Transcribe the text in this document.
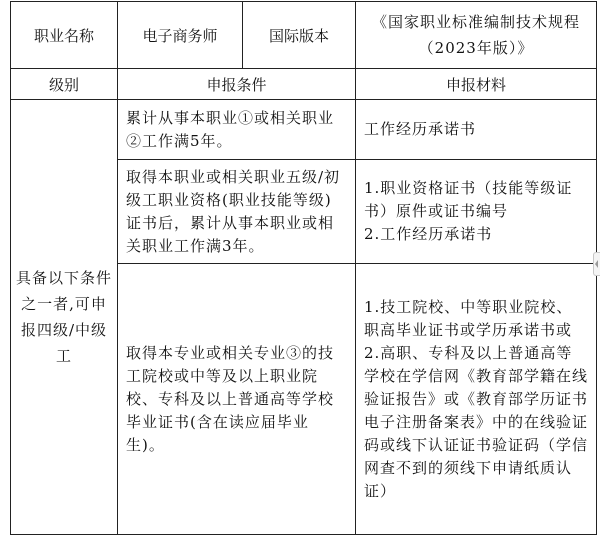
职业名称	电子商务师	国际版本	《国家职业标准编制技术规程（2023年版）》

级别	申报条件		申报材料

具备以下条件之一者,可申报四级/中级工	累计从事本职业①或相关职业②工作满5年。		工作经历承诺书

	取得本职业或相关职业五级/初级工职业资格(职业技能等级)证书后，累计从事本职业或相关职业工作满3年。		1.职业资格证书（技能等级证书）原件或证书编号
2.工作经历承诺书

	取得本专业或相关专业③的技工院校或中等及以上职业院校、专科及以上普通高等学校毕业证书(含在读应届毕业生)。		1.技工院校、中等职业院校、职高毕业证书或学历承诺书或2.高职、专科及以上普通高等学校在学信网《教育部学籍在线验证报告》或《教育部学历证书电子注册备案表》中的在线验证码或线下认证证书验证码（学信网查不到的须线下申请纸质认证）
